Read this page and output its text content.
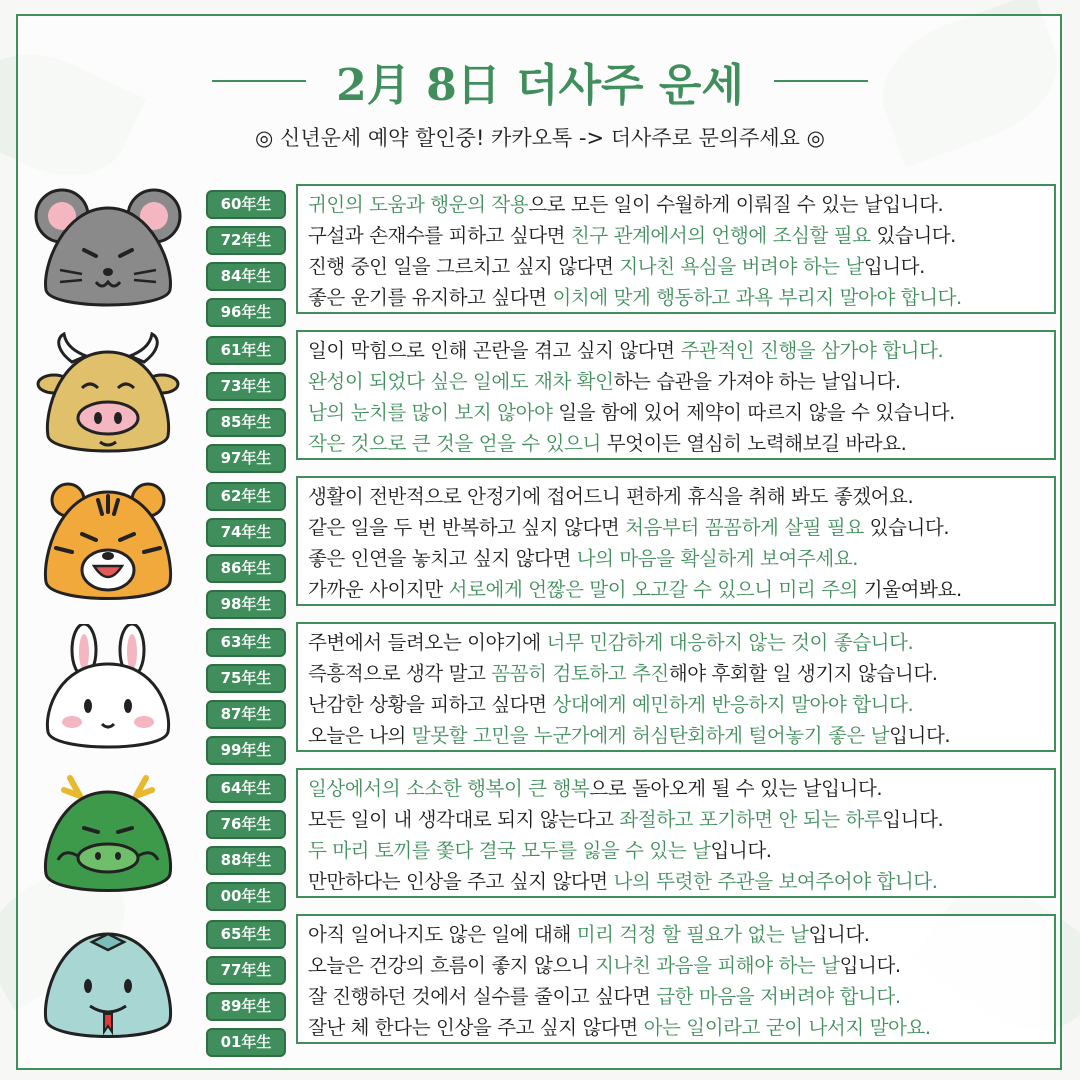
2月 8日 더사주 운세
◎ 신년운세 예약 할인중! 카카오톡 -> 더사주로 문의주세요 ◎
60年生
72年生
84年生
96年生
귀인의 도움과 행운의 작용으로 모든 일이 수월하게 이뤄질 수 있는 날입니다.
구설과 손재수를 피하고 싶다면 친구 관계에서의 언행에 조심할 필요 있습니다.
진행 중인 일을 그르치고 싶지 않다면 지나친 욕심을 버려야 하는 날입니다.
좋은 운기를 유지하고 싶다면 이치에 맞게 행동하고 과욕 부리지 말아야 합니다.
61年生
73年生
85年生
97年生
일이 막힘으로 인해 곤란을 겪고 싶지 않다면 주관적인 진행을 삼가야 합니다.
완성이 되었다 싶은 일에도 재차 확인하는 습관을 가져야 하는 날입니다.
남의 눈치를 많이 보지 않아야 일을 함에 있어 제약이 따르지 않을 수 있습니다.
작은 것으로 큰 것을 얻을 수 있으니 무엇이든 열심히 노력해보길 바라요.
62年生
74年生
86年生
98年生
생활이 전반적으로 안정기에 접어드니 편하게 휴식을 취해 봐도 좋겠어요.
같은 일을 두 번 반복하고 싶지 않다면 처음부터 꼼꼼하게 살필 필요 있습니다.
좋은 인연을 놓치고 싶지 않다면 나의 마음을 확실하게 보여주세요.
가까운 사이지만 서로에게 언짢은 말이 오고갈 수 있으니 미리 주의 기울여봐요.
63年生
75年生
87年生
99年生
주변에서 들려오는 이야기에 너무 민감하게 대응하지 않는 것이 좋습니다.
즉흥적으로 생각 말고 꼼꼼히 검토하고 추진해야 후회할 일 생기지 않습니다.
난감한 상황을 피하고 싶다면 상대에게 예민하게 반응하지 말아야 합니다.
오늘은 나의 말못할 고민을 누군가에게 허심탄회하게 털어놓기 좋은 날입니다.
64年生
76年生
88年生
00年生
일상에서의 소소한 행복이 큰 행복으로 돌아오게 될 수 있는 날입니다.
모든 일이 내 생각대로 되지 않는다고 좌절하고 포기하면 안 되는 하루입니다.
두 마리 토끼를 쫓다 결국 모두를 잃을 수 있는 날입니다.
만만하다는 인상을 주고 싶지 않다면 나의 뚜렷한 주관을 보여주어야 합니다.
65年生
77年生
89年生
01年生
아직 일어나지도 않은 일에 대해 미리 걱정 할 필요가 없는 날입니다.
오늘은 건강의 흐름이 좋지 않으니 지나친 과음을 피해야 하는 날입니다.
잘 진행하던 것에서 실수를 줄이고 싶다면 급한 마음을 저버려야 합니다.
잘난 체 한다는 인상을 주고 싶지 않다면 아는 일이라고 굳이 나서지 말아요.
